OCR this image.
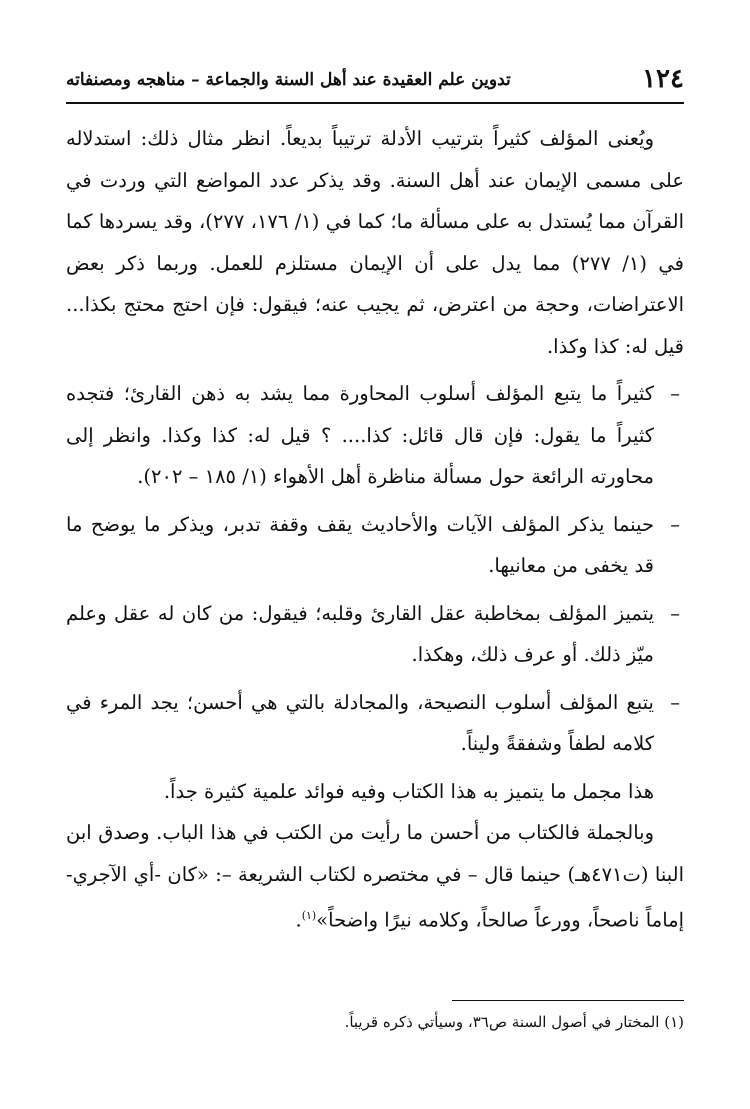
١٢٤
تدوين علم العقيدة عند أهل السنة والجماعة – مناهجه ومصنفاته

ويُعنى المؤلف كثيراً بترتيب الأدلة ترتيباً بديعاً. انظر مثال ذلك: استدلاله على مسمى الإيمان عند أهل السنة. وقد يذكر عدد المواضع التي وردت في القرآن مما يُستدل به على مسألة ما؛ كما في (١/ ١٧٦، ٢٧٧)، وقد يسردها كما في (١/ ٢٧٧) مما يدل على أن الإيمان مستلزم للعمل. وربما ذكر بعض الاعتراضات، وحجة من اعترض، ثم يجيب عنه؛ فيقول: فإن احتج محتج بكذا... قيل له: كذا وكذا.

–
كثيراً ما يتبع المؤلف أسلوب المحاورة مما يشد به ذهن القارئ؛ فتجده كثيراً ما يقول: فإن قال قائل: كذا.... ؟ قيل له: كذا وكذا. وانظر إلى محاورته الرائعة حول مسألة مناظرة أهل الأهواء (١/ ١٨٥ – ٢٠٢).
–
حينما يذكر المؤلف الآيات والأحاديث يقف وقفة تدبر، ويذكر ما يوضح ما قد يخفى من معانيها.
–
يتميز المؤلف بمخاطبة عقل القارئ وقلبه؛ فيقول: من كان له عقل وعلم ميّز ذلك. أو عرف ذلك، وهكذا.
–
يتبع المؤلف أسلوب النصيحة، والمجادلة بالتي هي أحسن؛ يجد المرء في كلامه لطفاً وشفقةً وليناً.

هذا مجمل ما يتميز به هذا الكتاب وفيه فوائد علمية كثيرة جداً.

وبالجملة فالكتاب من أحسن ما رأيت من الكتب في هذا الباب. وصدق ابن البنا (ت٤٧١هـ) حينما قال – في مختصره لكتاب الشريعة –: «كان -أي الآجري- إماماً ناصحاً، وورعاً صالحاً، وكلامه نيرًا واضحاً»$^{(١)}$.

(١) المختار في أصول السنة ص٣٦، وسيأتي ذكره قريباً.
